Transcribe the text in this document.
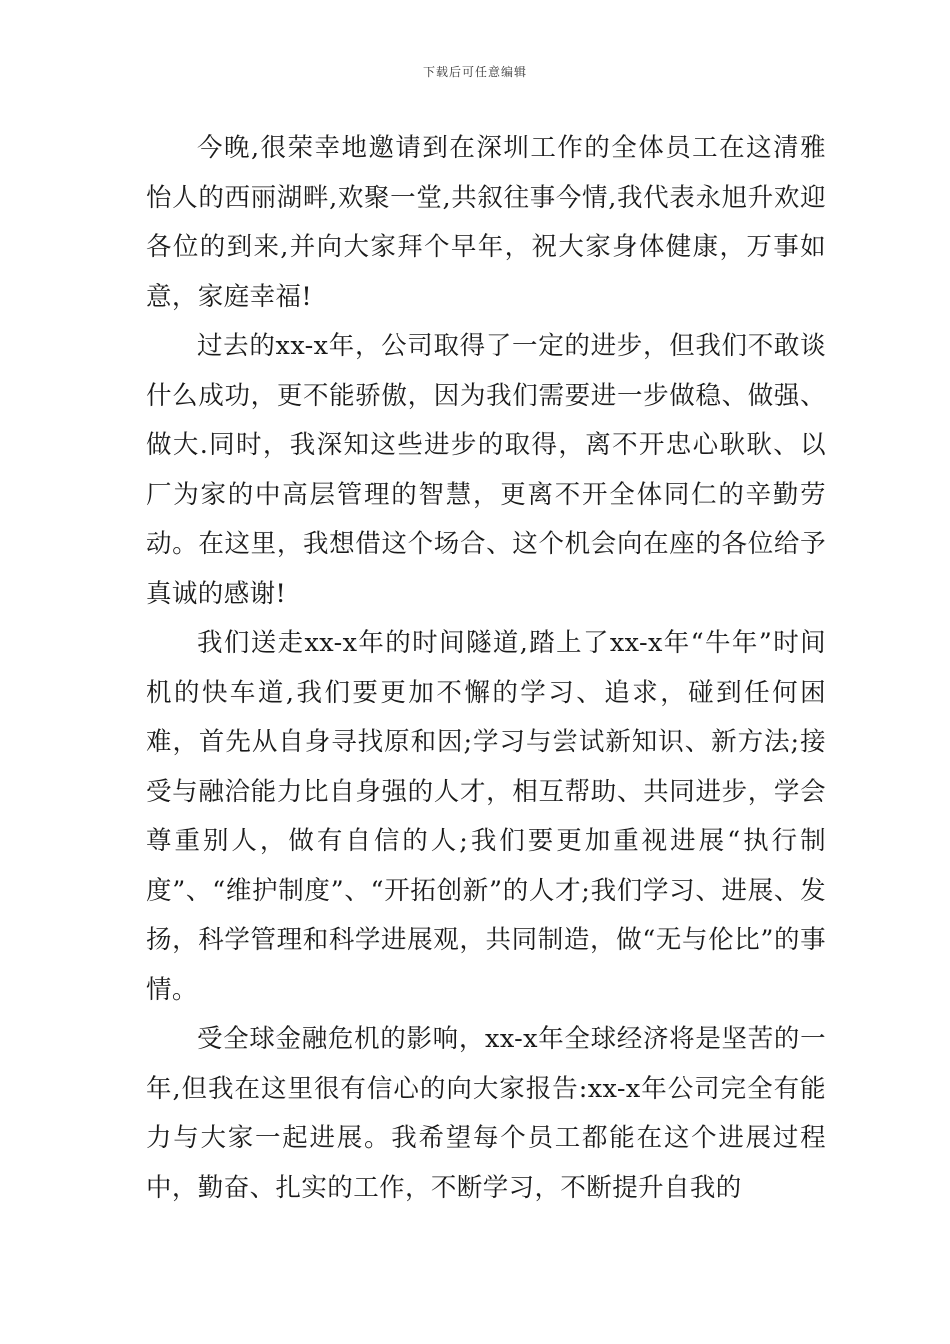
下载后可任意编辑

今晚,很荣幸地邀请到在深圳工作的全体员工在这清雅怡人的西丽湖畔,欢聚一堂,共叙往事今情,我代表永旭升欢迎各位的到来,并向大家拜个早年，祝大家身体健康，万事如意，家庭幸福!

过去的xx-x年，公司取得了一定的进步，但我们不敢谈什么成功，更不能骄傲，因为我们需要进一步做稳、做强、做大.同时，我深知这些进步的取得，离不开忠心耿耿、以厂为家的中高层管理的智慧，更离不开全体同仁的辛勤劳动。在这里，我想借这个场合、这个机会向在座的各位给予真诚的感谢!

我们送走xx-x年的时间隧道,踏上了xx-x年“牛年”时间机的快车道,我们要更加不懈的学习、追求，碰到任何困难，首先从自身寻找原和因;学习与尝试新知识、新方法;接受与融洽能力比自身强的人才，相互帮助、共同进步，学会尊重别人，做有自信的人;我们要更加重视进展“执行制度”、“维护制度”、“开拓创新”的人才;我们学习、进展、发扬，科学管理和科学进展观，共同制造，做“无与伦比”的事情。

受全球金融危机的影响，xx-x年全球经济将是坚苦的一年,但我在这里很有信心的向大家报告:xx-x年公司完全有能力与大家一起进展。我希望每个员工都能在这个进展过程中，勤奋、扎实的工作，不断学习，不断提升自我的
